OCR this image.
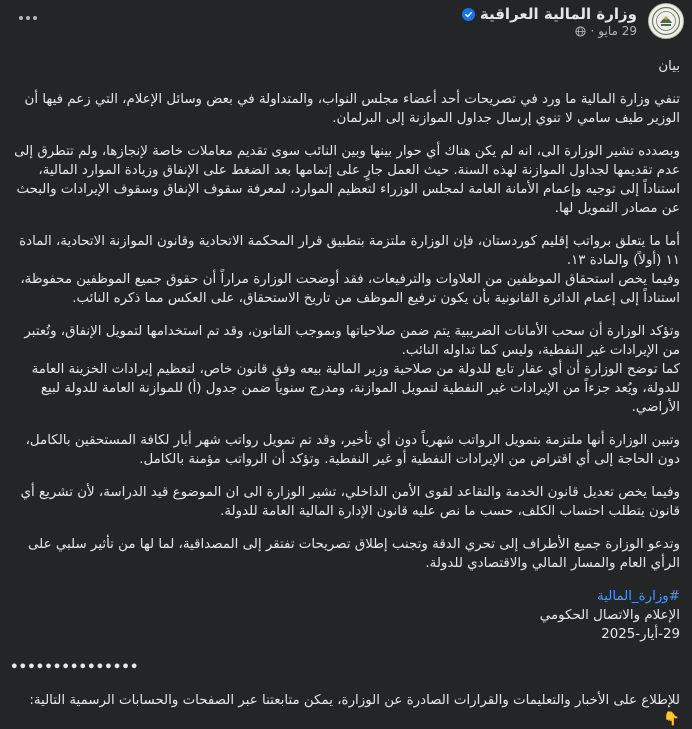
وزارة المالية العراقية
29 مايو
·

بيان

تنفي وزارة المالية ما ورد في تصريحات أحد أعضاء مجلس النواب، والمتداولة في بعض وسائل الإعلام، التي زعم فيها أن الوزير طيف سامي لا تنوي إرسال جداول الموازنة إلى البرلمان.

وبصدده تشير الوزارة الى، انه لم يكن هناك أي حوار بينها وبين النائب سوى تقديم معاملات خاصة لإنجازها، ولم تتطرق إلى عدم تقديمها لجداول الموازنة لهذه السنة. حيث العمل جارٍ على إتمامها بعد الضغط على الإنفاق وزيادة الموارد المالية، استناداً إلى توجيه وإعمام الأمانة العامة لمجلس الوزراء لتعظيم الموارد، لمعرفة سقوف الإنفاق وسقوف الإيرادات والبحث عن مصادر التمويل لها.

أما ما يتعلق برواتب إقليم كوردستان، فإن الوزارة ملتزمة بتطبيق قرار المحكمة الاتحادية وقانون الموازنة الاتحادية، المادة ١١ (أولاً) والمادة ١٣.

وفيما يخص استحقاق الموظفين من العلاوات والترفيعات، فقد أوضحت الوزارة مراراً أن حقوق جميع الموظفين محفوظة، استناداً إلى إعمام الدائرة القانونية بأن يكون ترفيع الموظف من تاريخ الاستحقاق، على العكس مما ذكره النائب.

وتؤكد الوزارة أن سحب الأمانات الضريبية يتم ضمن صلاحياتها وبموجب القانون، وقد تم استخدامها لتمويل الإنفاق، وتُعتبر من الإيرادات غير النفطية، وليس كما تداوله النائب.

كما توضح الوزارة أن أي عقار تابع للدولة من صلاحية وزير المالية بيعه وفق قانون خاص، لتعظيم إيرادات الخزينة العامة للدولة، ويُعد جزءاً من الإيرادات غير النفطية لتمويل الموازنة، ومدرج سنوياً ضمن جدول (أ) للموازنة العامة للدولة لبيع الأراضي.

وتبين الوزارة أنها ملتزمة بتمويل الرواتب شهرياً دون أي تأخير، وقد تم تمويل رواتب شهر أيار لكافة المستحقين بالكامل، دون الحاجة إلى أي اقتراض من الإيرادات النفطية أو غير النفطية. وتؤكد أن الرواتب مؤمنة بالكامل.

وفيما يخص تعديل قانون الخدمة والتقاعد لقوى الأمن الداخلي، تشير الوزارة الى ان الموضوع قيد الدراسة، لأن تشريع أي قانون يتطلب احتساب الكلف، حسب ما نص عليه قانون الإدارة المالية العامة للدولة.

وتدعو الوزارة جميع الأطراف إلى تحري الدقة وتجنب إطلاق تصريحات تفتقر إلى المصداقية، لما لها من تأثير سلبي على الرأي العام والمسار المالي والاقتصادي للدولة.

#وزارة_المالية

الإعلام والاتصال الحكومي

29-أيار-2025

•••••••••••••••

للإطلاع على الأخبار والتعليمات والقرارات الصادرة عن الوزارة، يمكن متابعتنا عبر الصفحات والحسابات الرسمية التالية: 👇
